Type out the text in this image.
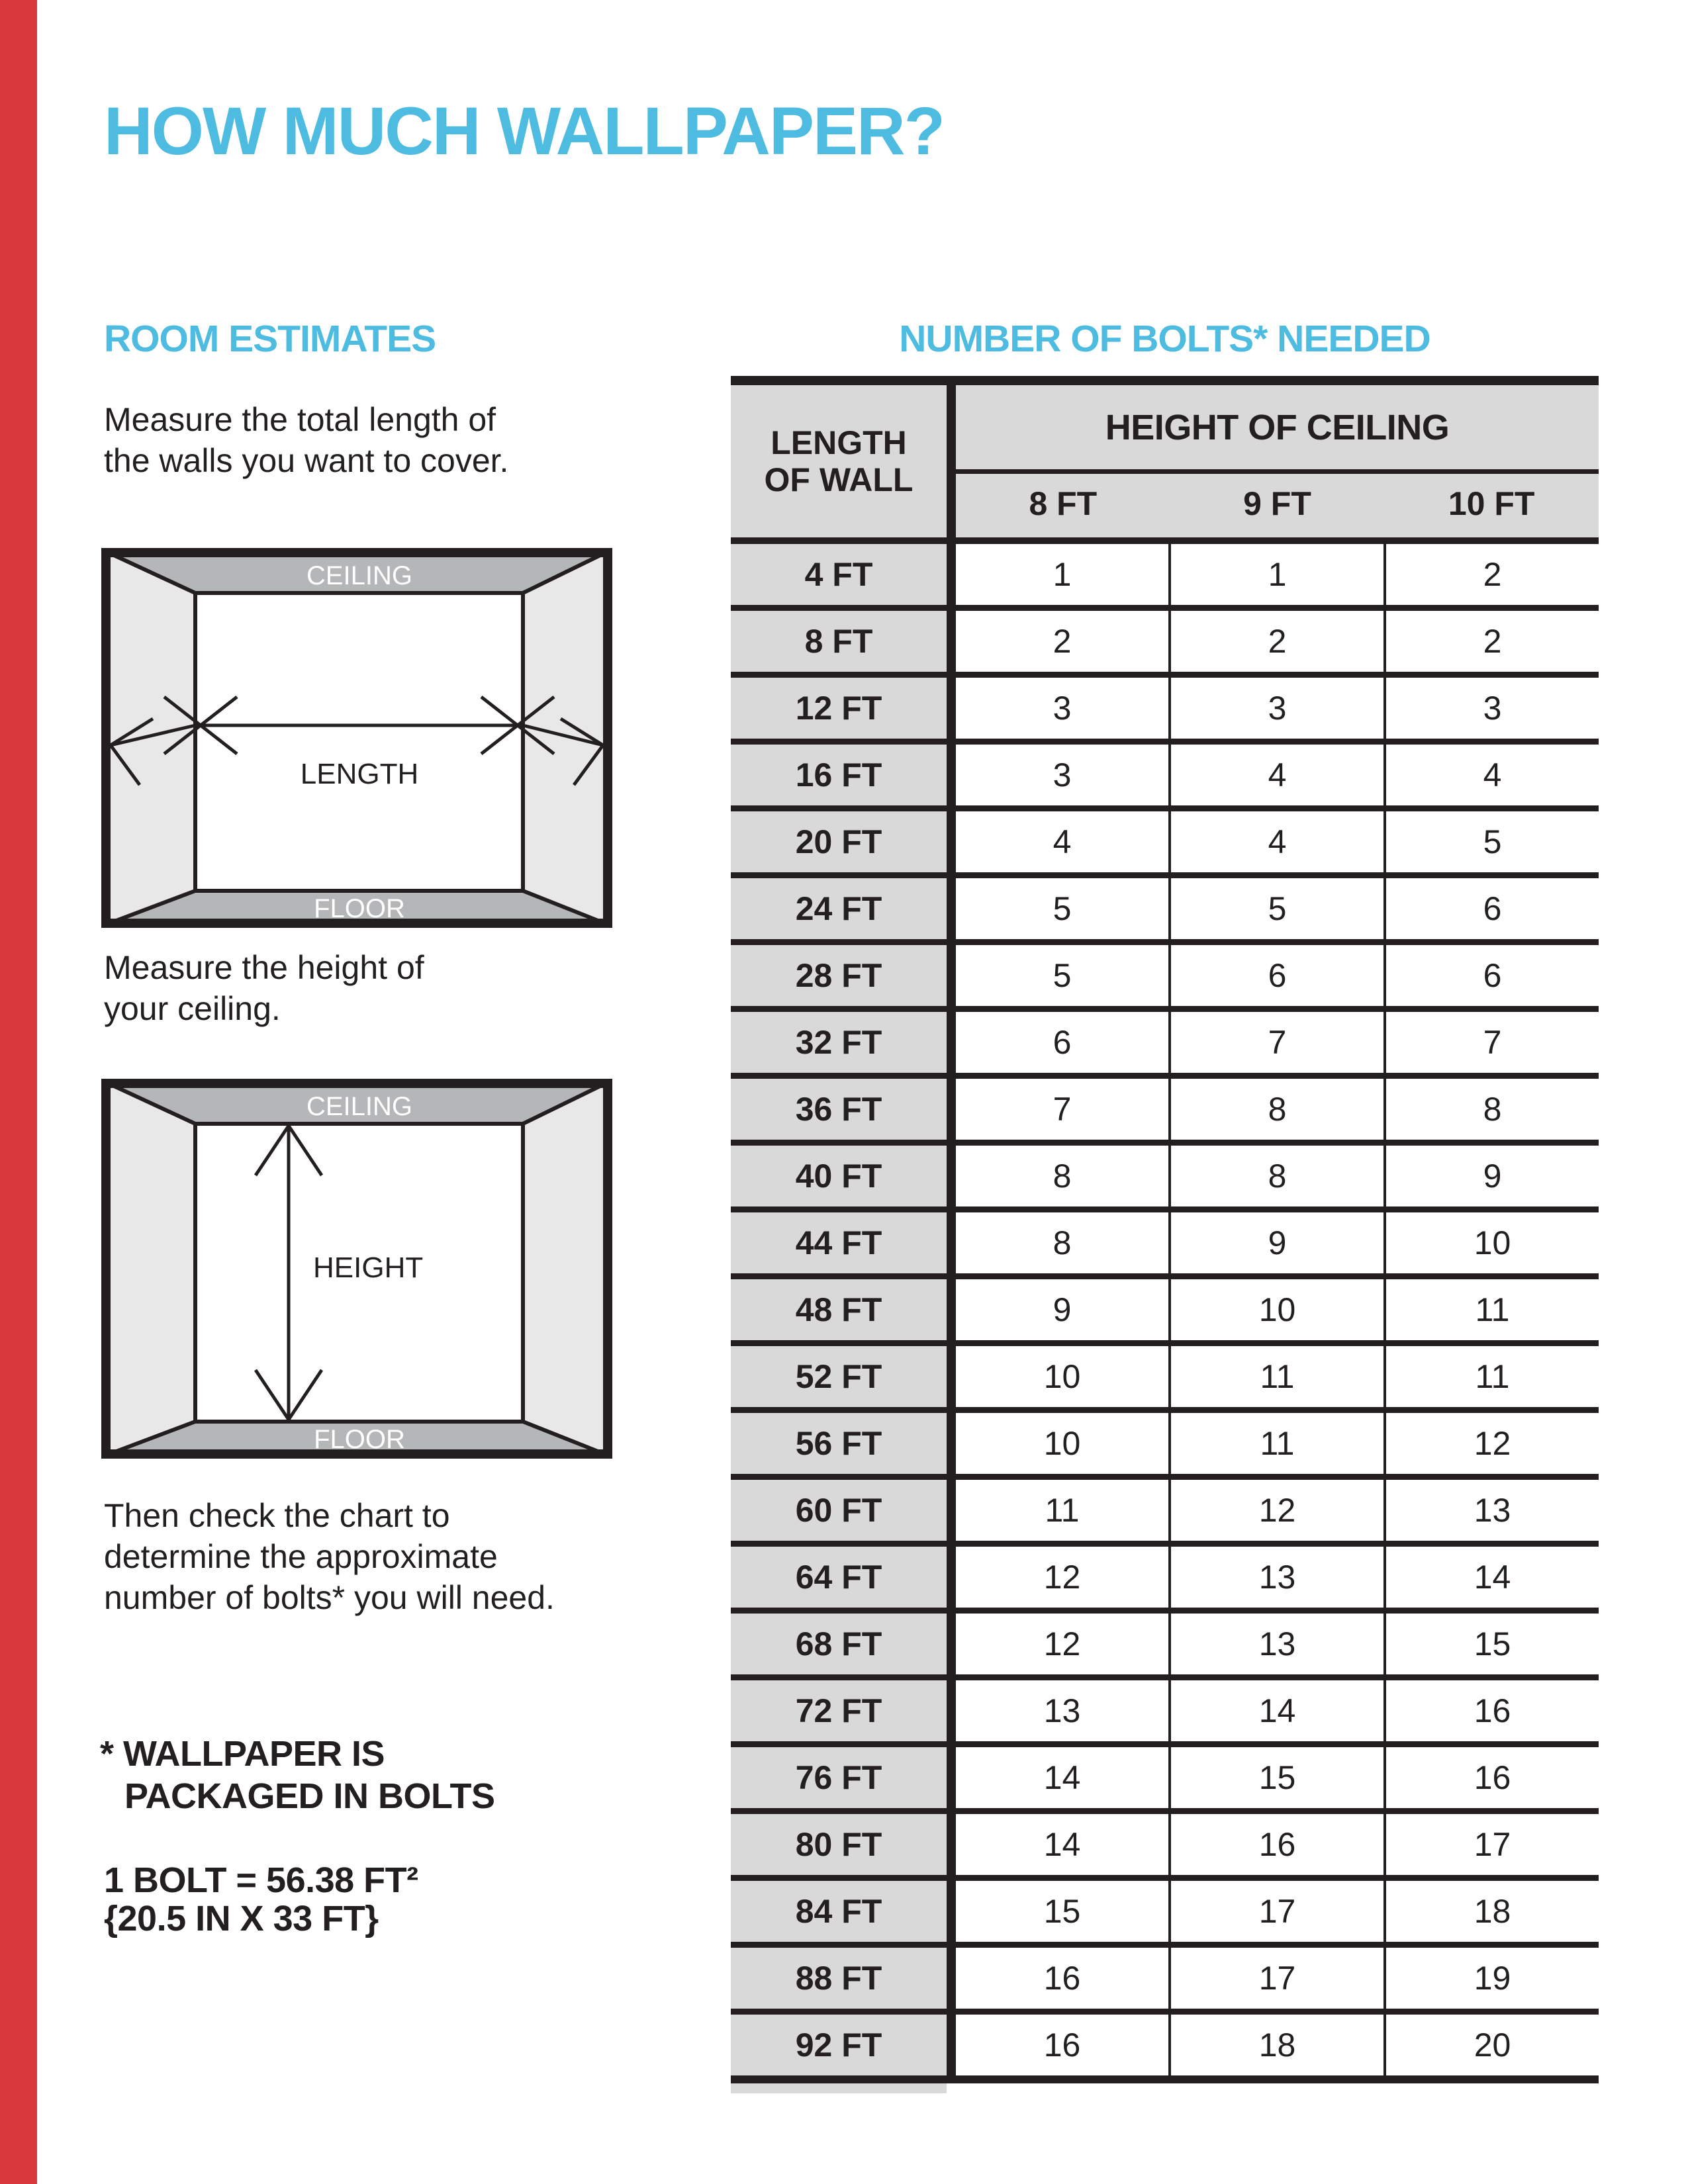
HOW MUCH WALLPAPER?
ROOM ESTIMATES	NUMBER OF BOLTS* NEEDED
Measure the total length of
the walls you want to cover.
CEILING
FLOOR
LENGTH
Measure the height of
your ceiling.
CEILING
FLOOR
HEIGHT
Then check the chart to
determine the approximate
number of bolts* you will need.
* WALLPAPER IS
PACKAGED IN BOLTS
1 BOLT = 56.38 FT²
{20.5 IN X 33 FT}
LENGTH
OF WALL
HEIGHT OF CEILING
8 FT	9 FT	10 FT
4 FT	1	1	2
8 FT	2	2	2
12 FT	3	3	3
16 FT	3	4	4
20 FT	4	4	5
24 FT	5	5	6
28 FT	5	6	6
32 FT	6	7	7
36 FT	7	8	8
40 FT	8	8	9
44 FT	8	9	10
48 FT	9	10	11
52 FT	10	11	11
56 FT	10	11	12
60 FT	11	12	13
64 FT	12	13	14
68 FT	12	13	15
72 FT	13	14	16
76 FT	14	15	16
80 FT	14	16	17
84 FT	15	17	18
88 FT	16	17	19
92 FT	16	18	20
